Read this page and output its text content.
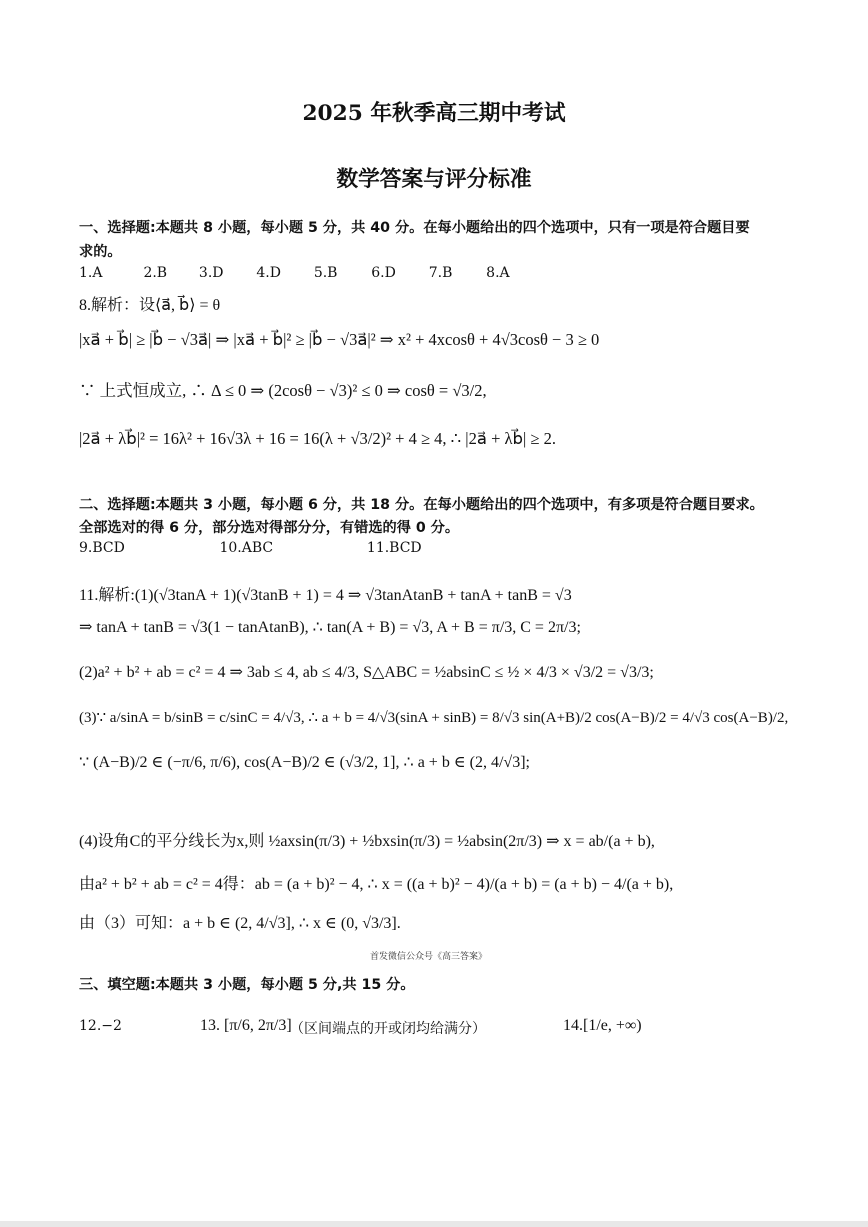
2025 年秋季高三期中考试
数学答案与评分标准
一、选择题:本题共 8 小题，每小题 5 分，共 40 分。在每小题给出的四个选项中，只有一项是符合题目要
求的。
1.A	2.B 3.D 4.D 5.B 6.D 7.B 8.A
8.解析：设⟨a⃗, b⃗⟩ = θ
|xa⃗ + b⃗| ≥ |b⃗ − √3a⃗| ⇒ |xa⃗ + b⃗|² ≥ |b⃗ − √3a⃗|² ⇒ x² + 4xcosθ + 4√3cosθ − 3 ≥ 0
∵ 上式恒成立, ∴ Δ ≤ 0 ⇒ (2cosθ − √3)² ≤ 0 ⇒ cosθ = √3/2,
|2a⃗ + λb⃗|² = 16λ² + 16√3λ + 16 = 16(λ + √3/2)² + 4 ≥ 4, ∴ |2a⃗ + λb⃗| ≥ 2.
二、选择题:本题共 3 小题，每小题 6 分，共 18 分。在每小题给出的四个选项中，有多项是符合题目要求。
全部选对的得 6 分，部分选对得部分分，有错选的得 0 分。
9.BCD	10.ABC	11.BCD
11.解析:(1)(√3tanA + 1)(√3tanB + 1) = 4 ⇒ √3tanAtanB + tanA + tanB = √3
⇒ tanA + tanB = √3(1 − tanAtanB), ∴ tan(A + B) = √3, A + B = π/3, C = 2π/3;
(2)a² + b² + ab = c² = 4 ⇒ 3ab ≤ 4, ab ≤ 4/3, S△ABC = ½absinC ≤ ½ × 4/3 × √3/2 = √3/3;
(3)∵ a/sinA = b/sinB = c/sinC = 4/√3, ∴ a + b = 4/√3(sinA + sinB) = 8/√3 sin(A+B)/2 cos(A−B)/2 = 4/√3 cos(A−B)/2,
∵ (A−B)/2 ∈ (−π/6, π/6), cos(A−B)/2 ∈ (√3/2, 1], ∴ a + b ∈ (2, 4/√3];
(4)设角C的平分线长为x,则 ½axsin(π/3) + ½bxsin(π/3) = ½absin(2π/3) ⇒ x = ab/(a + b),
由a² + b² + ab = c² = 4得：ab = (a + b)² − 4, ∴ x = ((a + b)² − 4)/(a + b) = (a + b) − 4/(a + b),
由（3）可知：a + b ∈ (2, 4/√3], ∴ x ∈ (0, √3/3].
首发微信公众号《高三答案》
三、填空题:本题共 3 小题，每小题 5 分,共 15 分。
12.−2	13. [π/6, 2π/3]
（区间端点的开或闭均给满分）	14.[1/e, +∞)
